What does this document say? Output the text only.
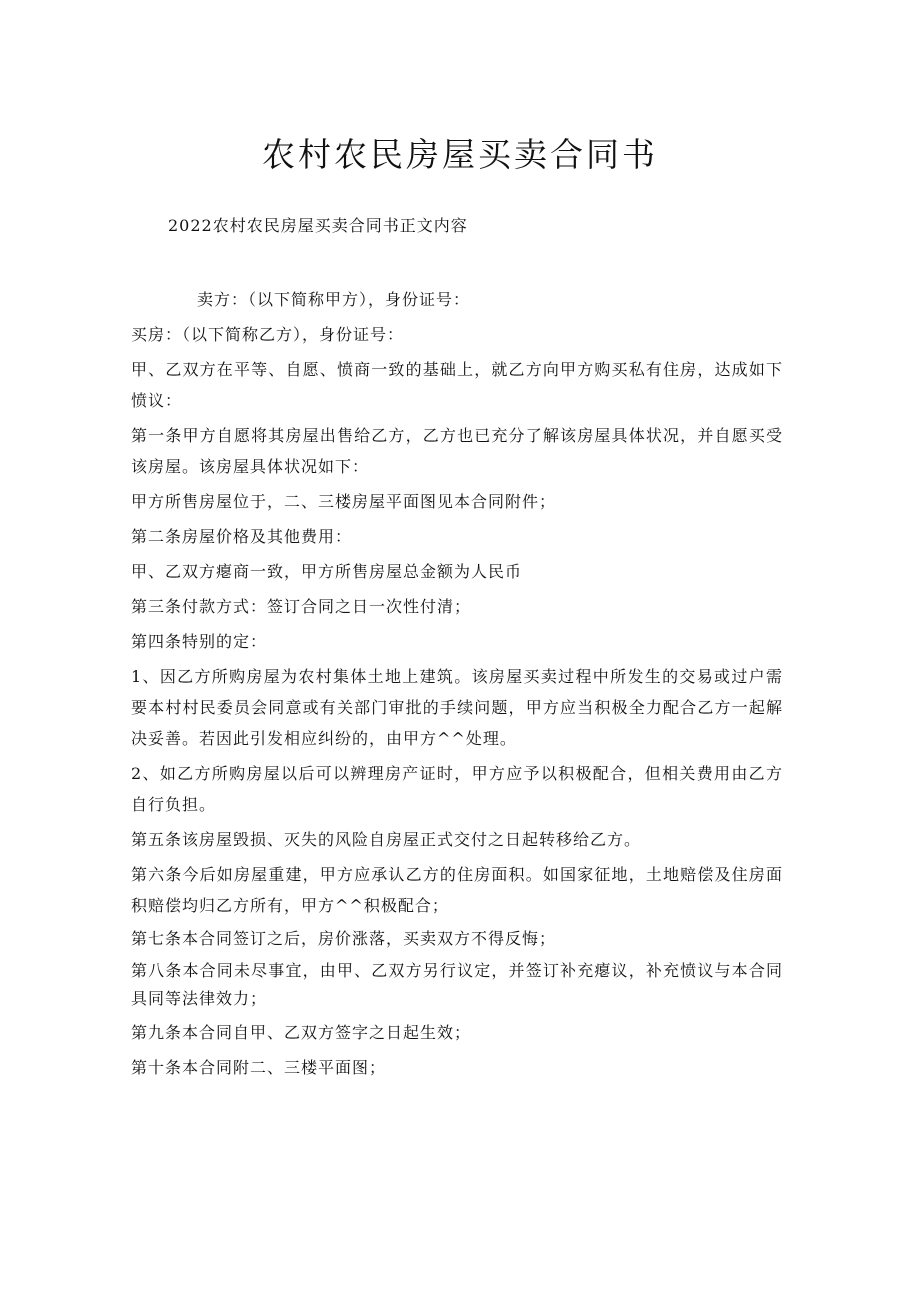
农村农民房屋买卖合同书
2022农村农民房屋买卖合同书正文内容

卖方：（以下简称甲方），身份证号：

买房：（以下简称乙方），身份证号：

甲、乙双方在平等、自愿、愤商一致的基础上，就乙方向甲方购买私有住房，达成如下愤议：

第一条甲方自愿将其房屋出售给乙方，乙方也已充分了解该房屋具体状况，并自愿买受该房屋。该房屋具体状况如下：

甲方所售房屋位于，二、三楼房屋平面图见本合同附件；

第二条房屋价格及其他费用：

甲、乙双方瘪商一致，甲方所售房屋总金额为人民币

第三条付款方式：签订合同之日一次性付清；

第四条特别的定：

1、因乙方所购房屋为农村集体土地上建筑。该房屋买卖过程中所发生的交易或过户需要本村村民委员会同意或有关部门审批的手续问题，甲方应当积极全力配合乙方一起解决妥善。若因此引发相应纠纷的，由甲方^^处理。

2、如乙方所购房屋以后可以辨理房产证时，甲方应予以积极配合，但相关费用由乙方自行负担。

第五条该房屋毁损、灭失的风险自房屋正式交付之日起转移给乙方。

第六条今后如房屋重建，甲方应承认乙方的住房面积。如国家征地，土地赔偿及住房面积赔偿均归乙方所有，甲方^^积极配合；

第七条本合同签订之后，房价涨落，买卖双方不得反悔；

第八条本合同未尽事宜，由甲、乙双方另行议定，并签订补充瘪议，补充愤议与本合同具同等法律效力；

第九条本合同自甲、乙双方签字之日起生效；

第十条本合同附二、三楼平面图；
